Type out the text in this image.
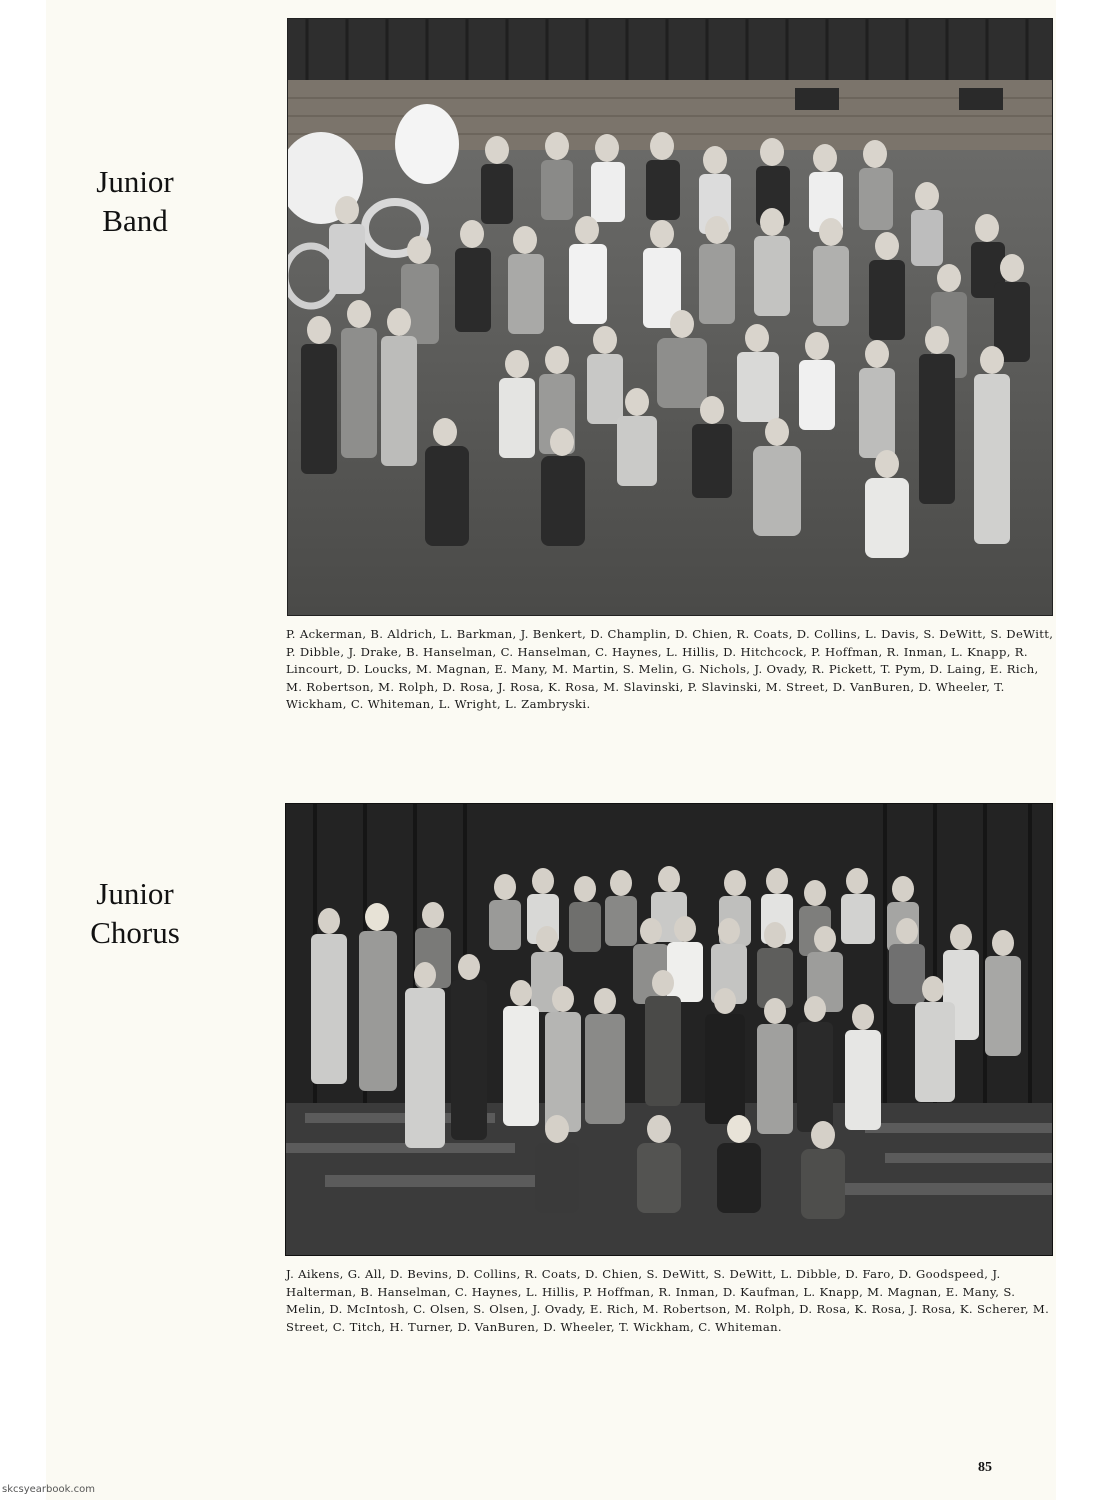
Junior
Band

P. Ackerman, B. Aldrich, L. Barkman, J. Benkert, D. Champlin, D. Chien, R. Coats, D. Collins, L. Davis, S. DeWitt, S. DeWitt, P. Dibble, J. Drake, B. Hanselman, C. Hanselman, C. Haynes, L. Hillis, D. Hitchcock, P. Hoffman, R. Inman, L. Knapp, R. Lincourt, D. Loucks, M. Magnan, E. Many, M. Martin, S. Melin, G. Nichols, J. Ovady, R. Pickett, T. Pym, D. Laing, E. Rich, M. Robertson, M. Rolph, D. Rosa, J. Rosa, K. Rosa, M. Slavinski, P. Slavinski, M. Street, D. VanBuren, D. Wheeler, T. Wickham, C. Whiteman, L. Wright, L. Zambryski.

Junior
Chorus

J. Aikens, G. All, D. Bevins, D. Collins, R. Coats, D. Chien, S. DeWitt, S. DeWitt, L. Dibble, D. Faro, D. Goodspeed, J. Halterman, B. Hanselman, C. Haynes, L. Hillis, P. Hoffman, R. Inman, D. Kaufman, L. Knapp, M. Magnan, E. Many, S. Melin, D. McIntosh, C. Olsen, S. Olsen, J. Ovady, E. Rich, M. Robertson, M. Rolph, D. Rosa, K. Rosa, J. Rosa, K. Scherer, M. Street, C. Titch, H. Turner, D. VanBuren, D. Wheeler, T. Wickham, C. Whiteman.

85
skcsyearbook.com
